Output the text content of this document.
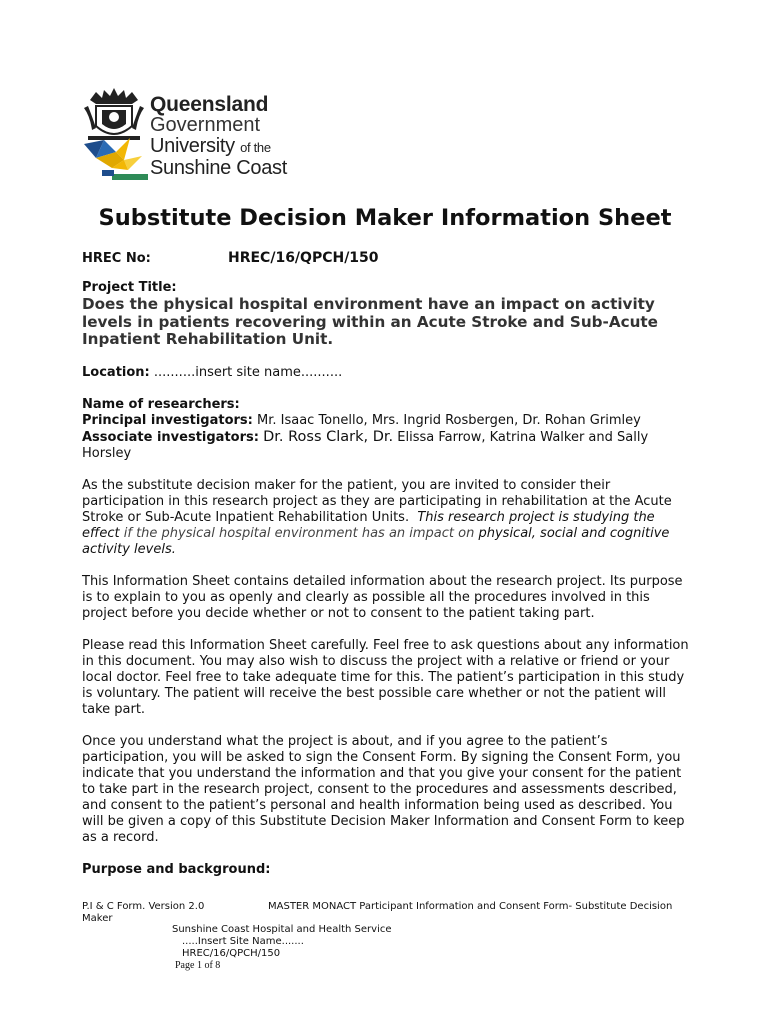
Queensland
Government
University of the
Sunshine Coast
Substitute Decision Maker Information Sheet
HREC No:	HREC/16/QPCH/150

Project Title:

Does the physical hospital environment have an impact on activity levels in patients recovering within an Acute Stroke and Sub-Acute Inpatient Rehabilitation Unit.

Location: ..........insert site name..........

Name of researchers:

Principal investigators: Mr. Isaac Tonello, Mrs. Ingrid Rosbergen, Dr. Rohan Grimley

Associate investigators: Dr. Ross Clark, Dr. Elissa Farrow, Katrina Walker and Sally Horsley

As the substitute decision maker for the patient, you are invited to consider their participation in this research project as they are participating in rehabilitation at the Acute Stroke or Sub-Acute Inpatient Rehabilitation Units. This research project is studying the effect if the physical hospital environment has an impact on physical, social and cognitive activity levels.

This Information Sheet contains detailed information about the research project. Its purpose is to explain to you as openly and clearly as possible all the procedures involved in this project before you decide whether or not to consent to the patient taking part.

Please read this Information Sheet carefully. Feel free to ask questions about any information in this document. You may also wish to discuss the project with a relative or friend or your local doctor. Feel free to take adequate time for this. The patient’s participation in this study is voluntary. The patient will receive the best possible care whether or not the patient will take part.

Once you understand what the project is about, and if you agree to the patient’s participation, you will be asked to sign the Consent Form. By signing the Consent Form, you indicate that you understand the information and that you give your consent for the patient to take part in the research project, consent to the procedures and assessments described, and consent to the patient’s personal and health information being used as described. You will be given a copy of this Substitute Decision Maker Information and Consent Form to keep as a record.

Purpose and background:

P.I & C Form. Version 2.0	MASTER MONACT Participant Information and Consent Form- Substitute Decision Maker
Sunshine Coast Hospital and Health Service
.....Insert Site Name.......
HREC/16/QPCH/150
Page 1 of 8
